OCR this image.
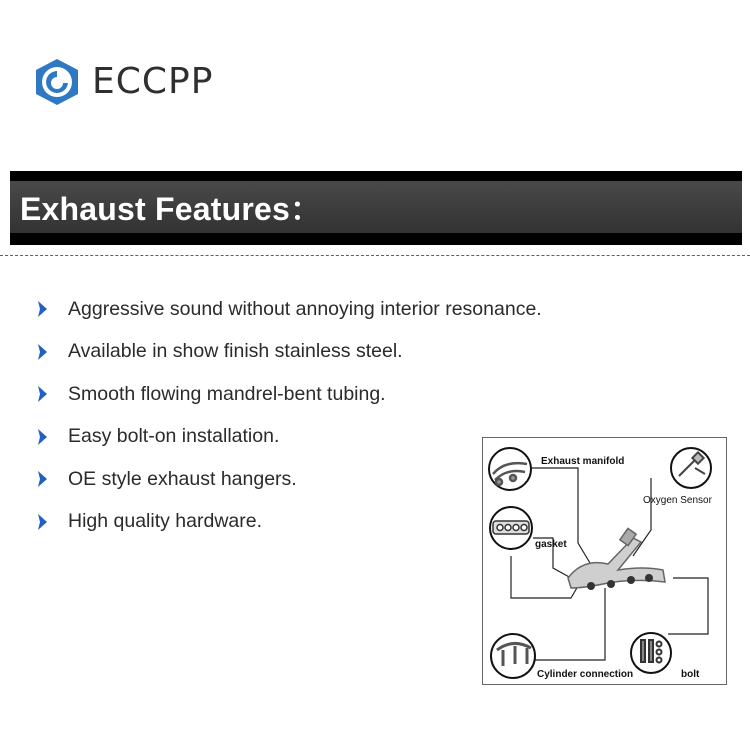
ECCPP
Exhaust Features：
Aggressive sound without annoying interior resonance.
Available in show finish stainless steel.
Smooth flowing mandrel-bent tubing.
Easy bolt-on installation.
OE style exhaust hangers.
High quality hardware.
Exhaust manifold
Oxygen Sensor
gasket
Cylinder connection	bolt
